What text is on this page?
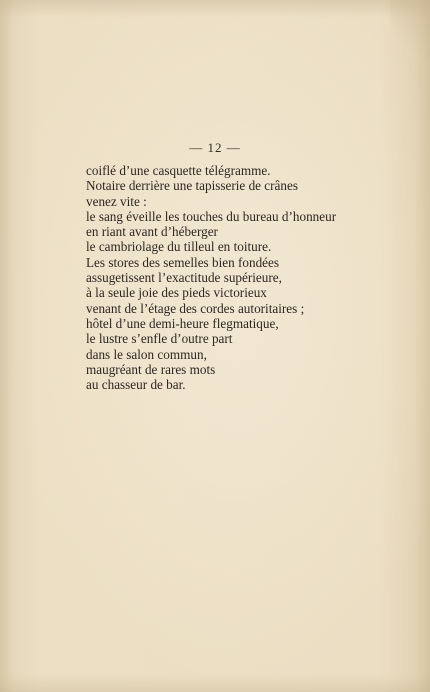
— 12 —
coiflé d’une casquette télégramme.
Notaire derrière une tapisserie de crânes
venez vite :
le sang éveille les touches du bureau d’honneur
en riant avant d’héberger
le cambriolage du tilleul en toiture.
Les stores des semelles bien fondées
assugetissent l’exactitude supérieure,
à la seule joie des pieds victorieux
venant de l’étage des cordes autoritaires ;
hôtel d’une demi-heure flegmatique,
le lustre s’enfle d’outre part
dans le salon commun,
maugréant de rares mots
au chasseur de bar.
